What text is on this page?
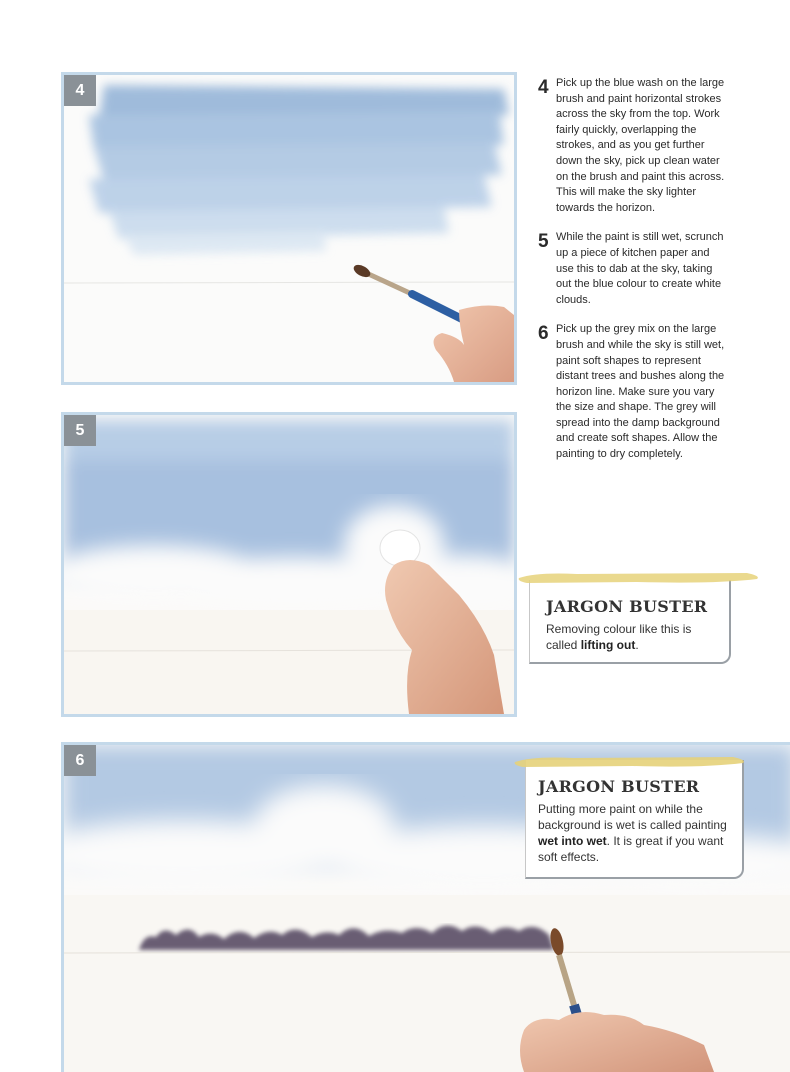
4
5
6
4 Pick up the blue wash on the large brush and paint horizontal strokes across the sky from the top. Work fairly quickly, overlapping the strokes, and as you get further down the sky, pick up clean water on the brush and paint this across. This will make the sky lighter towards the horizon.
5 While the paint is still wet, scrunch up a piece of kitchen paper and use this to dab at the sky, taking out the blue colour to create white clouds.
6 Pick up the grey mix on the large brush and while the sky is still wet, paint soft shapes to represent distant trees and bushes along the horizon line. Make sure you vary the size and shape. The grey will spread into the damp background and create soft shapes. Allow the painting to dry completely.
JARGON BUSTER
Removing colour like this is called lifting out.
JARGON BUSTER
Putting more paint on while the background is wet is called painting wet into wet. It is great if you want soft effects.
